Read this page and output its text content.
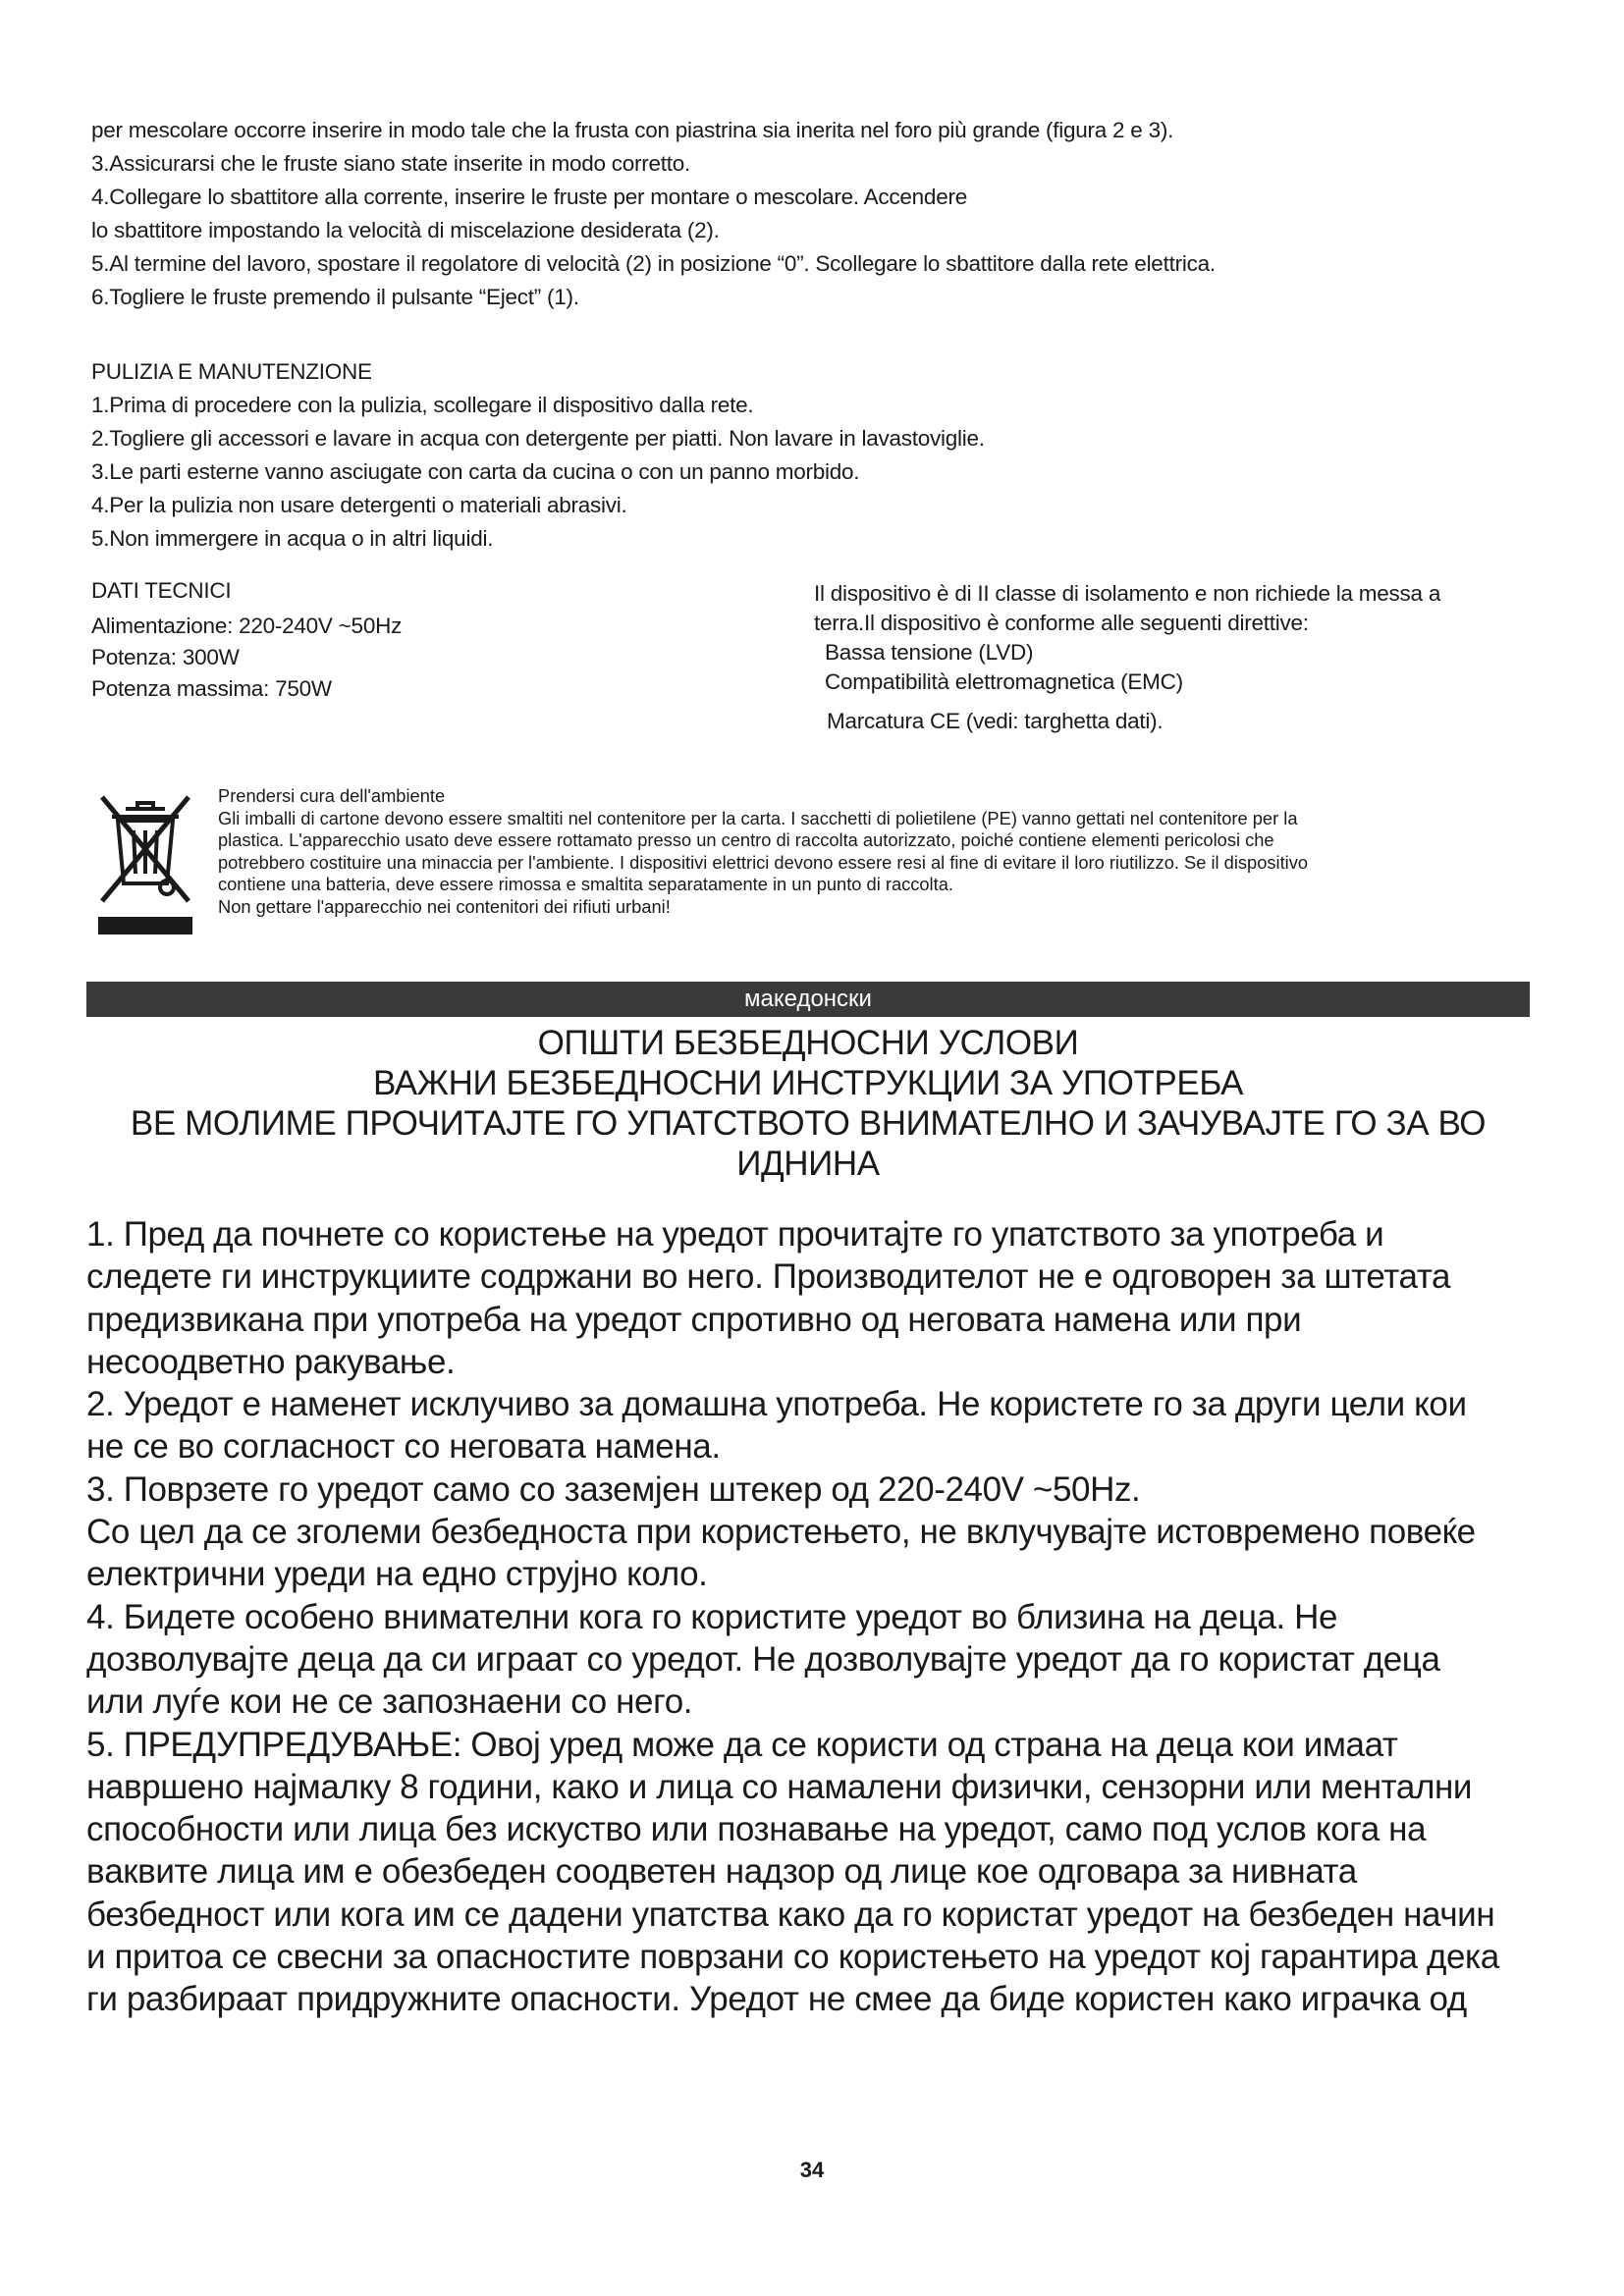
per mescolare occorre inserire in modo tale che la frusta con piastrina sia inerita nel foro più grande (figura 2 e 3).
3.Assicurarsi che le fruste siano state inserite in modo corretto.
4.Collegare lo sbattitore alla corrente, inserire le fruste per montare o mescolare. Accendere
lo sbattitore impostando la velocità di miscelazione desiderata (2).
5.Al termine del lavoro, spostare il regolatore di velocità (2) in posizione “0”. Scollegare lo sbattitore dalla rete elettrica.
6.Togliere le fruste premendo il pulsante “Eject” (1).
PULIZIA E MANUTENZIONE
1.Prima di procedere con la pulizia, scollegare il dispositivo dalla rete.
2.Togliere gli accessori e lavare in acqua con detergente per piatti. Non lavare in lavastoviglie.
3.Le parti esterne vanno asciugate con carta da cucina o con un panno morbido.
4.Per la pulizia non usare detergenti o materiali abrasivi.
5.Non immergere in acqua o in altri liquidi.
DATI TECNICI
Alimentazione: 220-240V ~50Hz
Potenza: 300W
Potenza massima: 750W
Il dispositivo è di II classe di isolamento e non richiede la messa a
terra.Il dispositivo è conforme alle seguenti direttive:
Bassa tensione (LVD)
Compatibilità elettromagnetica (EMC)
Marcatura CE (vedi: targhetta dati).
Prendersi cura dell'ambiente
Gli imballi di cartone devono essere smaltiti nel contenitore per la carta. I sacchetti di polietilene (PE) vanno gettati nel contenitore per la
plastica. L'apparecchio usato deve essere rottamato presso un centro di raccolta autorizzato, poiché contiene elementi pericolosi che
potrebbero costituire una minaccia per l'ambiente. I dispositivi elettrici devono essere resi al fine di evitare il loro riutilizzo. Se il dispositivo
contiene una batteria, deve essere rimossa e smaltita separatamente in un punto di raccolta.
Non gettare l'apparecchio nei contenitori dei rifiuti urbani!
македонски
ОПШТИ БЕЗБЕДНОСНИ УСЛОВИ
ВАЖНИ БЕЗБЕДНОСНИ ИНСТРУКЦИИ ЗА УПОТРЕБА
ВЕ МОЛИМЕ ПРОЧИТАЈТЕ ГО УПАТСТВОТО ВНИМАТЕЛНО И ЗАЧУВАЈТЕ ГО ЗА ВО
ИДНИНА
1. Пред да почнете со користење на уредот прочитајте го упатството за употреба и
следете ги инструкциите содржани во него. Производителот не е одговорен за штетата
предизвикана при употреба на уредот спротивно од неговата намена или при
несоодветно ракување.
2. Уредот е наменет исклучиво за домашна употреба. Не користете го за други цели кои
не се во согласност со неговата намена.
3. Поврзете го уредот само со заземјен штекер од 220-240V ~50Hz.
Со цел да се зголеми безбедноста при користењето, не вклучувајте истовремено повеќе
електрични уреди на едно струјно коло.
4. Бидете особено внимателни кога го користите уредот во близина на деца. Не
дозволувајте деца да си играат со уредот. Не дозволувајте уредот да го користат деца
или луѓе кои не се запознаени со него.
5. ПРЕДУПРЕДУВАЊЕ: Овој уред може да се користи од страна на деца кои имаат
навршено најмалку 8 години, како и лица со намалени физички, сензорни или ментални
способности или лица без искуство или познавање на уредот, само под услов кога на
вaквите лица им е обезбеден соодветен надзор од лице кое одговара за нивната
безбедност или кога им се дадени упатства како да го користат уредот на безбеден начин
и притоа се свесни за опасностите поврзани со користењето на уредот кој гарантира дека
ги разбираат придружните опасности. Уредот не смее да биде користен како играчка од
34
